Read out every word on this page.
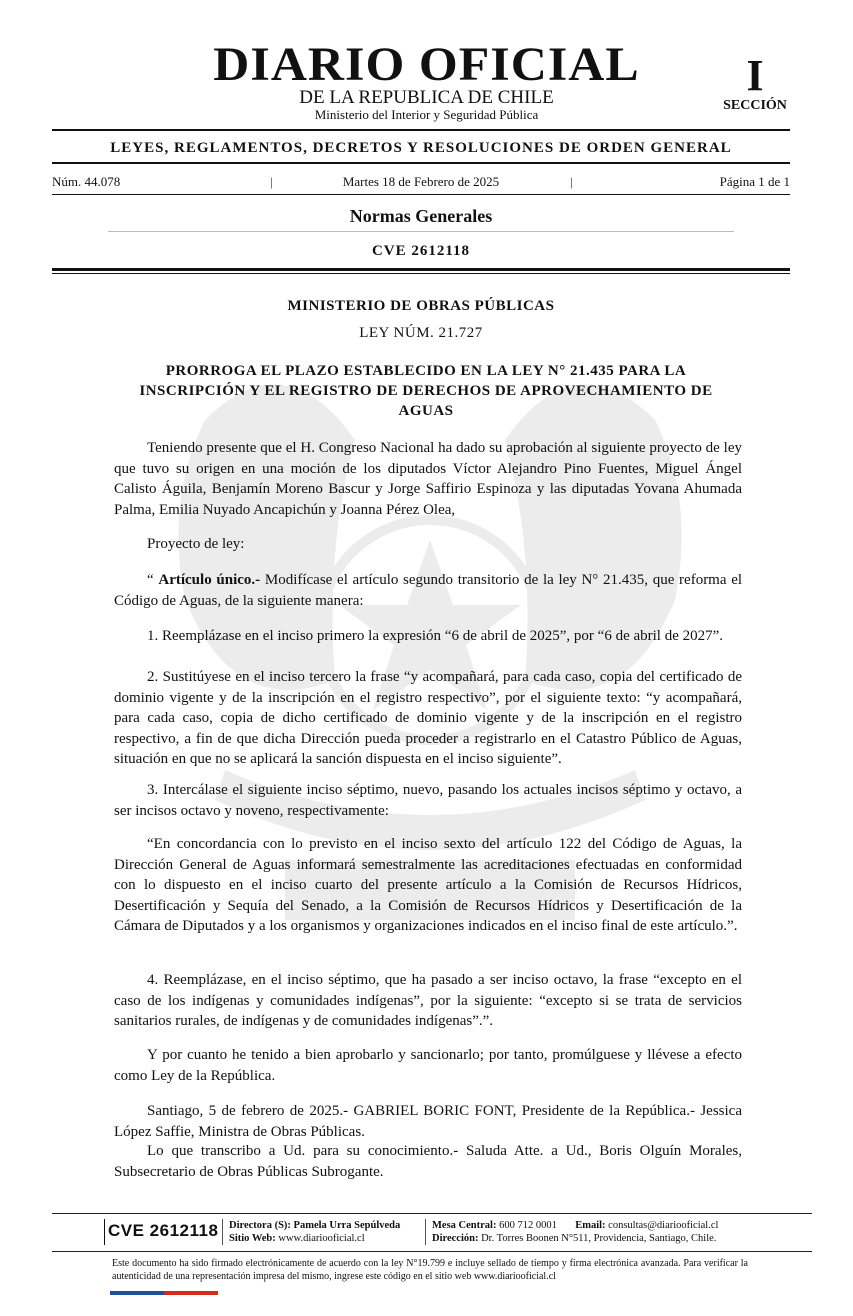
DIARIO OFICIAL
DE LA REPUBLICA DE CHILE
Ministerio del Interior y Seguridad Pública
I
SECCIÓN
LEYES, REGLAMENTOS, DECRETOS Y RESOLUCIONES DE ORDEN GENERAL
Núm. 44.078	|	Martes 18 de Febrero de 2025	|	Página 1 de 1
Normas Generales
CVE 2612118
MINISTERIO DE OBRAS PÚBLICAS
LEY NÚM. 21.727
PRORROGA EL PLAZO ESTABLECIDO EN LA LEY N° 21.435 PARA LA INSCRIPCIÓN Y EL REGISTRO DE DERECHOS DE APROVECHAMIENTO DE AGUAS
Teniendo presente que el H. Congreso Nacional ha dado su aprobación al siguiente proyecto de ley que tuvo su origen en una moción de los diputados Víctor Alejandro Pino Fuentes, Miguel Ángel Calisto Águila, Benjamín Moreno Bascur y Jorge Saffirio Espinoza y las diputadas Yovana Ahumada Palma, Emilia Nuyado Ancapichún y Joanna Pérez Olea,
Proyecto de ley:
“ Artículo único.- Modifícase el artículo segundo transitorio de la ley N° 21.435, que reforma el Código de Aguas, de la siguiente manera:
1. Reemplázase en el inciso primero la expresión “6 de abril de 2025”, por “6 de abril de 2027”.
2. Sustitúyese en el inciso tercero la frase “y acompañará, para cada caso, copia del certificado de dominio vigente y de la inscripción en el registro respectivo”, por el siguiente texto: “y acompañará, para cada caso, copia de dicho certificado de dominio vigente y de la inscripción en el registro respectivo, a fin de que dicha Dirección pueda proceder a registrarlo en el Catastro Público de Aguas, situación en que no se aplicará la sanción dispuesta en el inciso siguiente”.
3. Intercálase el siguiente inciso séptimo, nuevo, pasando los actuales incisos séptimo y octavo, a ser incisos octavo y noveno, respectivamente:
“En concordancia con lo previsto en el inciso sexto del artículo 122 del Código de Aguas, la Dirección General de Aguas informará semestralmente las acreditaciones efectuadas en conformidad con lo dispuesto en el inciso cuarto del presente artículo a la Comisión de Recursos Hídricos, Desertificación y Sequía del Senado, a la Comisión de Recursos Hídricos y Desertificación de la Cámara de Diputados y a los organismos y organizaciones indicados en el inciso final de este artículo.”.
4. Reemplázase, en el inciso séptimo, que ha pasado a ser inciso octavo, la frase “excepto en el caso de los indígenas y comunidades indígenas”, por la siguiente: “excepto si se trata de servicios sanitarios rurales, de indígenas y de comunidades indígenas”.”.
Y por cuanto he tenido a bien aprobarlo y sancionarlo; por tanto, promúlguese y llévese a efecto como Ley de la República.
Santiago, 5 de febrero de 2025.- GABRIEL BORIC FONT, Presidente de la República.- Jessica López Saffie, Ministra de Obras Públicas.
Lo que transcribo a Ud. para su conocimiento.- Saluda Atte. a Ud., Boris Olguín Morales, Subsecretario de Obras Públicas Subrogante.
CVE 2612118 Directora (S): Pamela Urra Sepúlveda
Sitio Web: www.diariooficial.cl
Mesa Central: 600 712 0001 Email: consultas@diariooficial.cl
Dirección: Dr. Torres Boonen N°511, Providencia, Santiago, Chile.
Este documento ha sido firmado electrónicamente de acuerdo con la ley N°19.799 e incluye sellado de tiempo y firma electrónica avanzada. Para verificar la autenticidad de una representación impresa del mismo, ingrese este código en el sitio web www.diariooficial.cl
